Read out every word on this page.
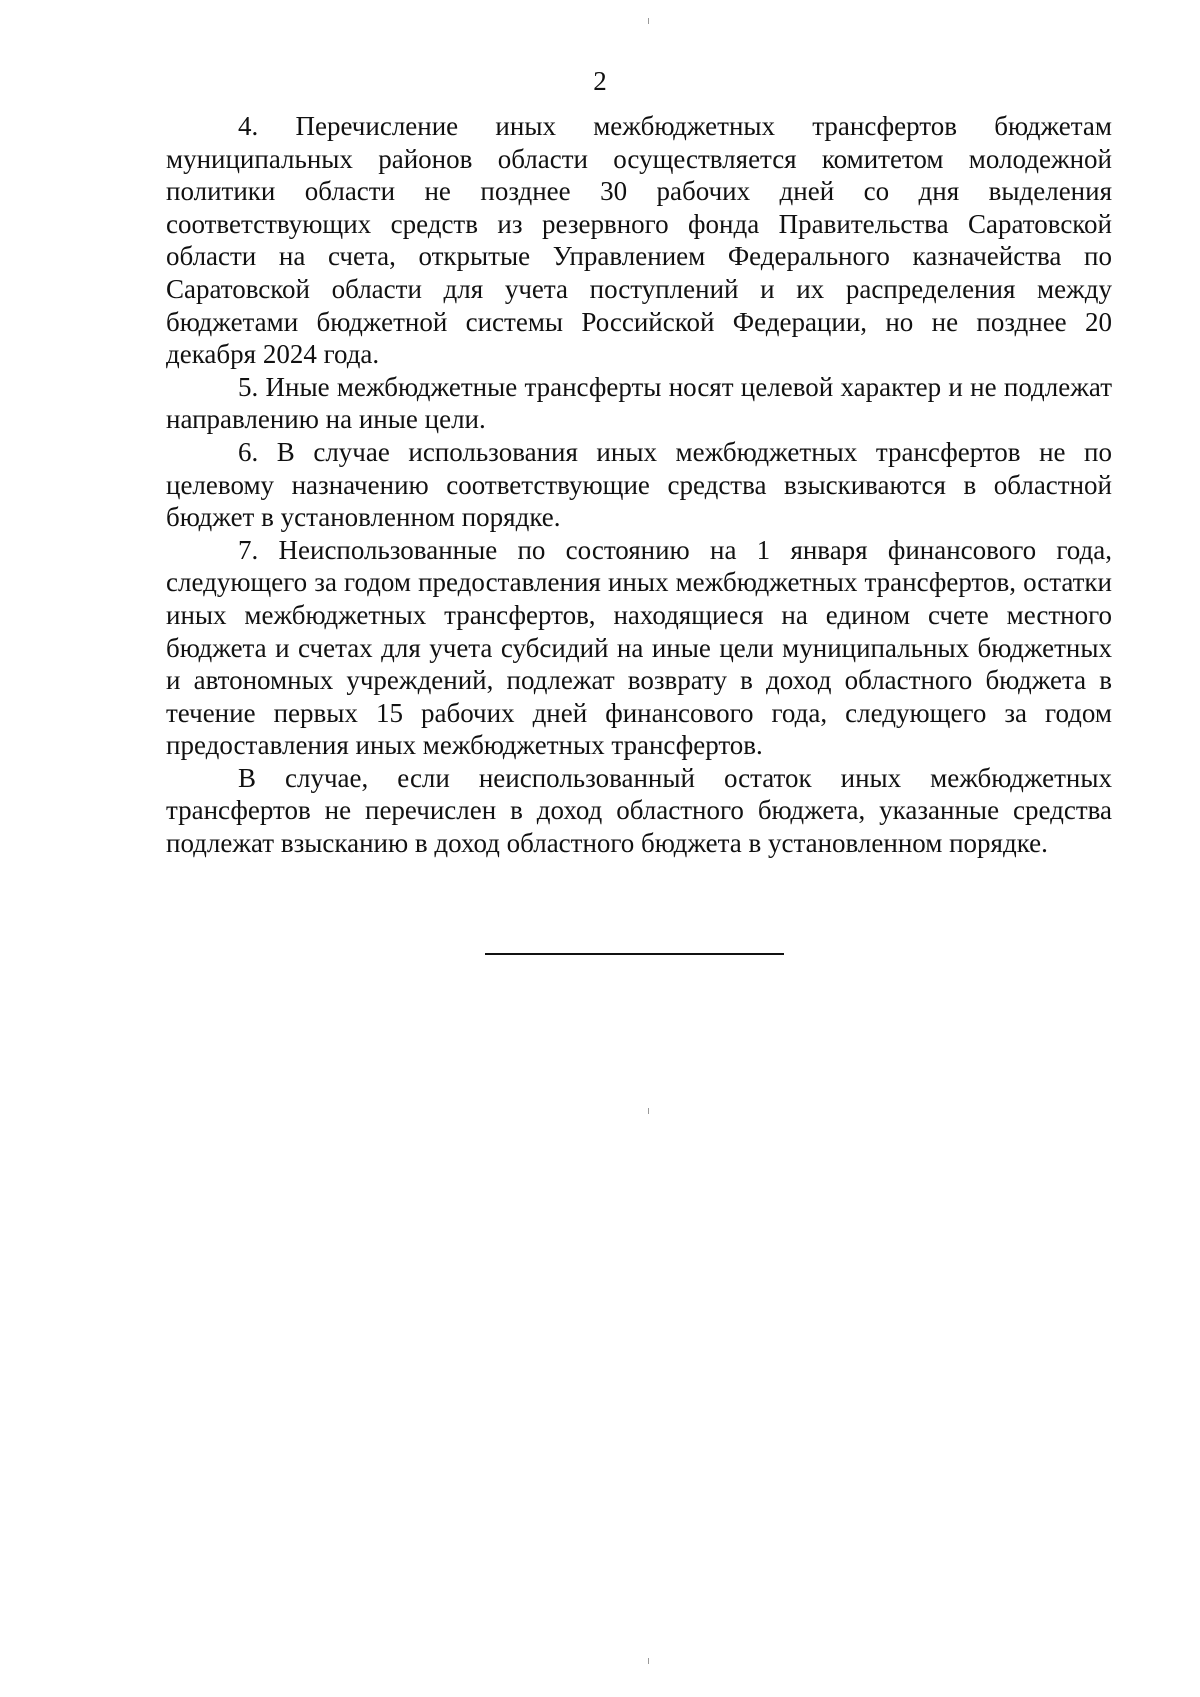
2

4. Перечисление иных межбюджетных трансфертов бюджетам муниципальных районов области осуществляется комитетом молодежной политики области не позднее 30 рабочих дней со дня выделения соответствующих средств из резервного фонда Правительства Саратовской области на счета, открытые Управлением Федерального казначейства по Саратовской области для учета поступлений и их распределения между бюджетами бюджетной системы Российской Федерации, но не позднее 20 декабря 2024 года.

5. Иные межбюджетные трансферты носят целевой характер и не подлежат направлению на иные цели.

6. В случае использования иных межбюджетных трансфертов не по целевому назначению соответствующие средства взыскиваются в областной бюджет в установленном порядке.

7. Неиспользованные по состоянию на 1 января финансового года, следующего за годом предоставления иных межбюджетных трансфертов, остатки иных межбюджетных трансфертов, находящиеся на едином счете местного бюджета и счетах для учета субсидий на иные цели муниципальных бюджетных и автономных учреждений, подлежат возврату в доход областного бюджета в течение первых 15 рабочих дней финансового года, следующего за годом предоставления иных межбюджетных трансфертов.

В случае, если неиспользованный остаток иных межбюджетных трансфертов не перечислен в доход областного бюджета, указанные средства подлежат взысканию в доход областного бюджета в установленном порядке.
